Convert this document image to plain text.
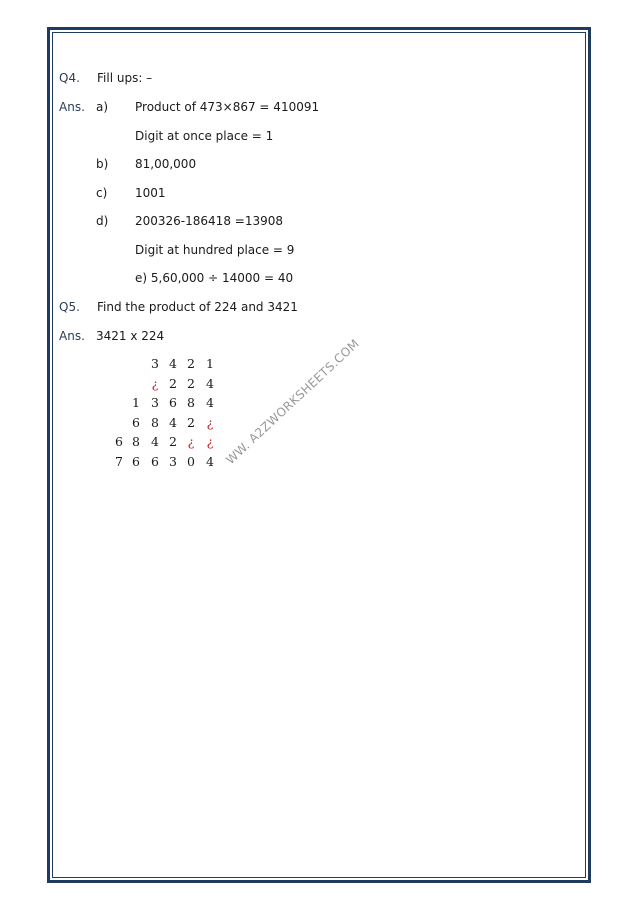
Q4. Fill ups: –
Ans. a) Product of 473×867 = 410091
Digit at once place = 1
b) 81,00,000
c) 1001
d) 200326-186418 =13908
Digit at hundred place = 9
e) 5,60,000 ÷ 14000 = 40
Q5. Find the product of 224 and 3421
Ans. 3421 x 224
3 4 2 1
¿ 2 2 4
1 3 6 8 4
6 8 4 2 ¿
6 8 4 2 ¿ ¿
7 6 6 3 0 4 WW. A2ZWORKSHEETS.COM
